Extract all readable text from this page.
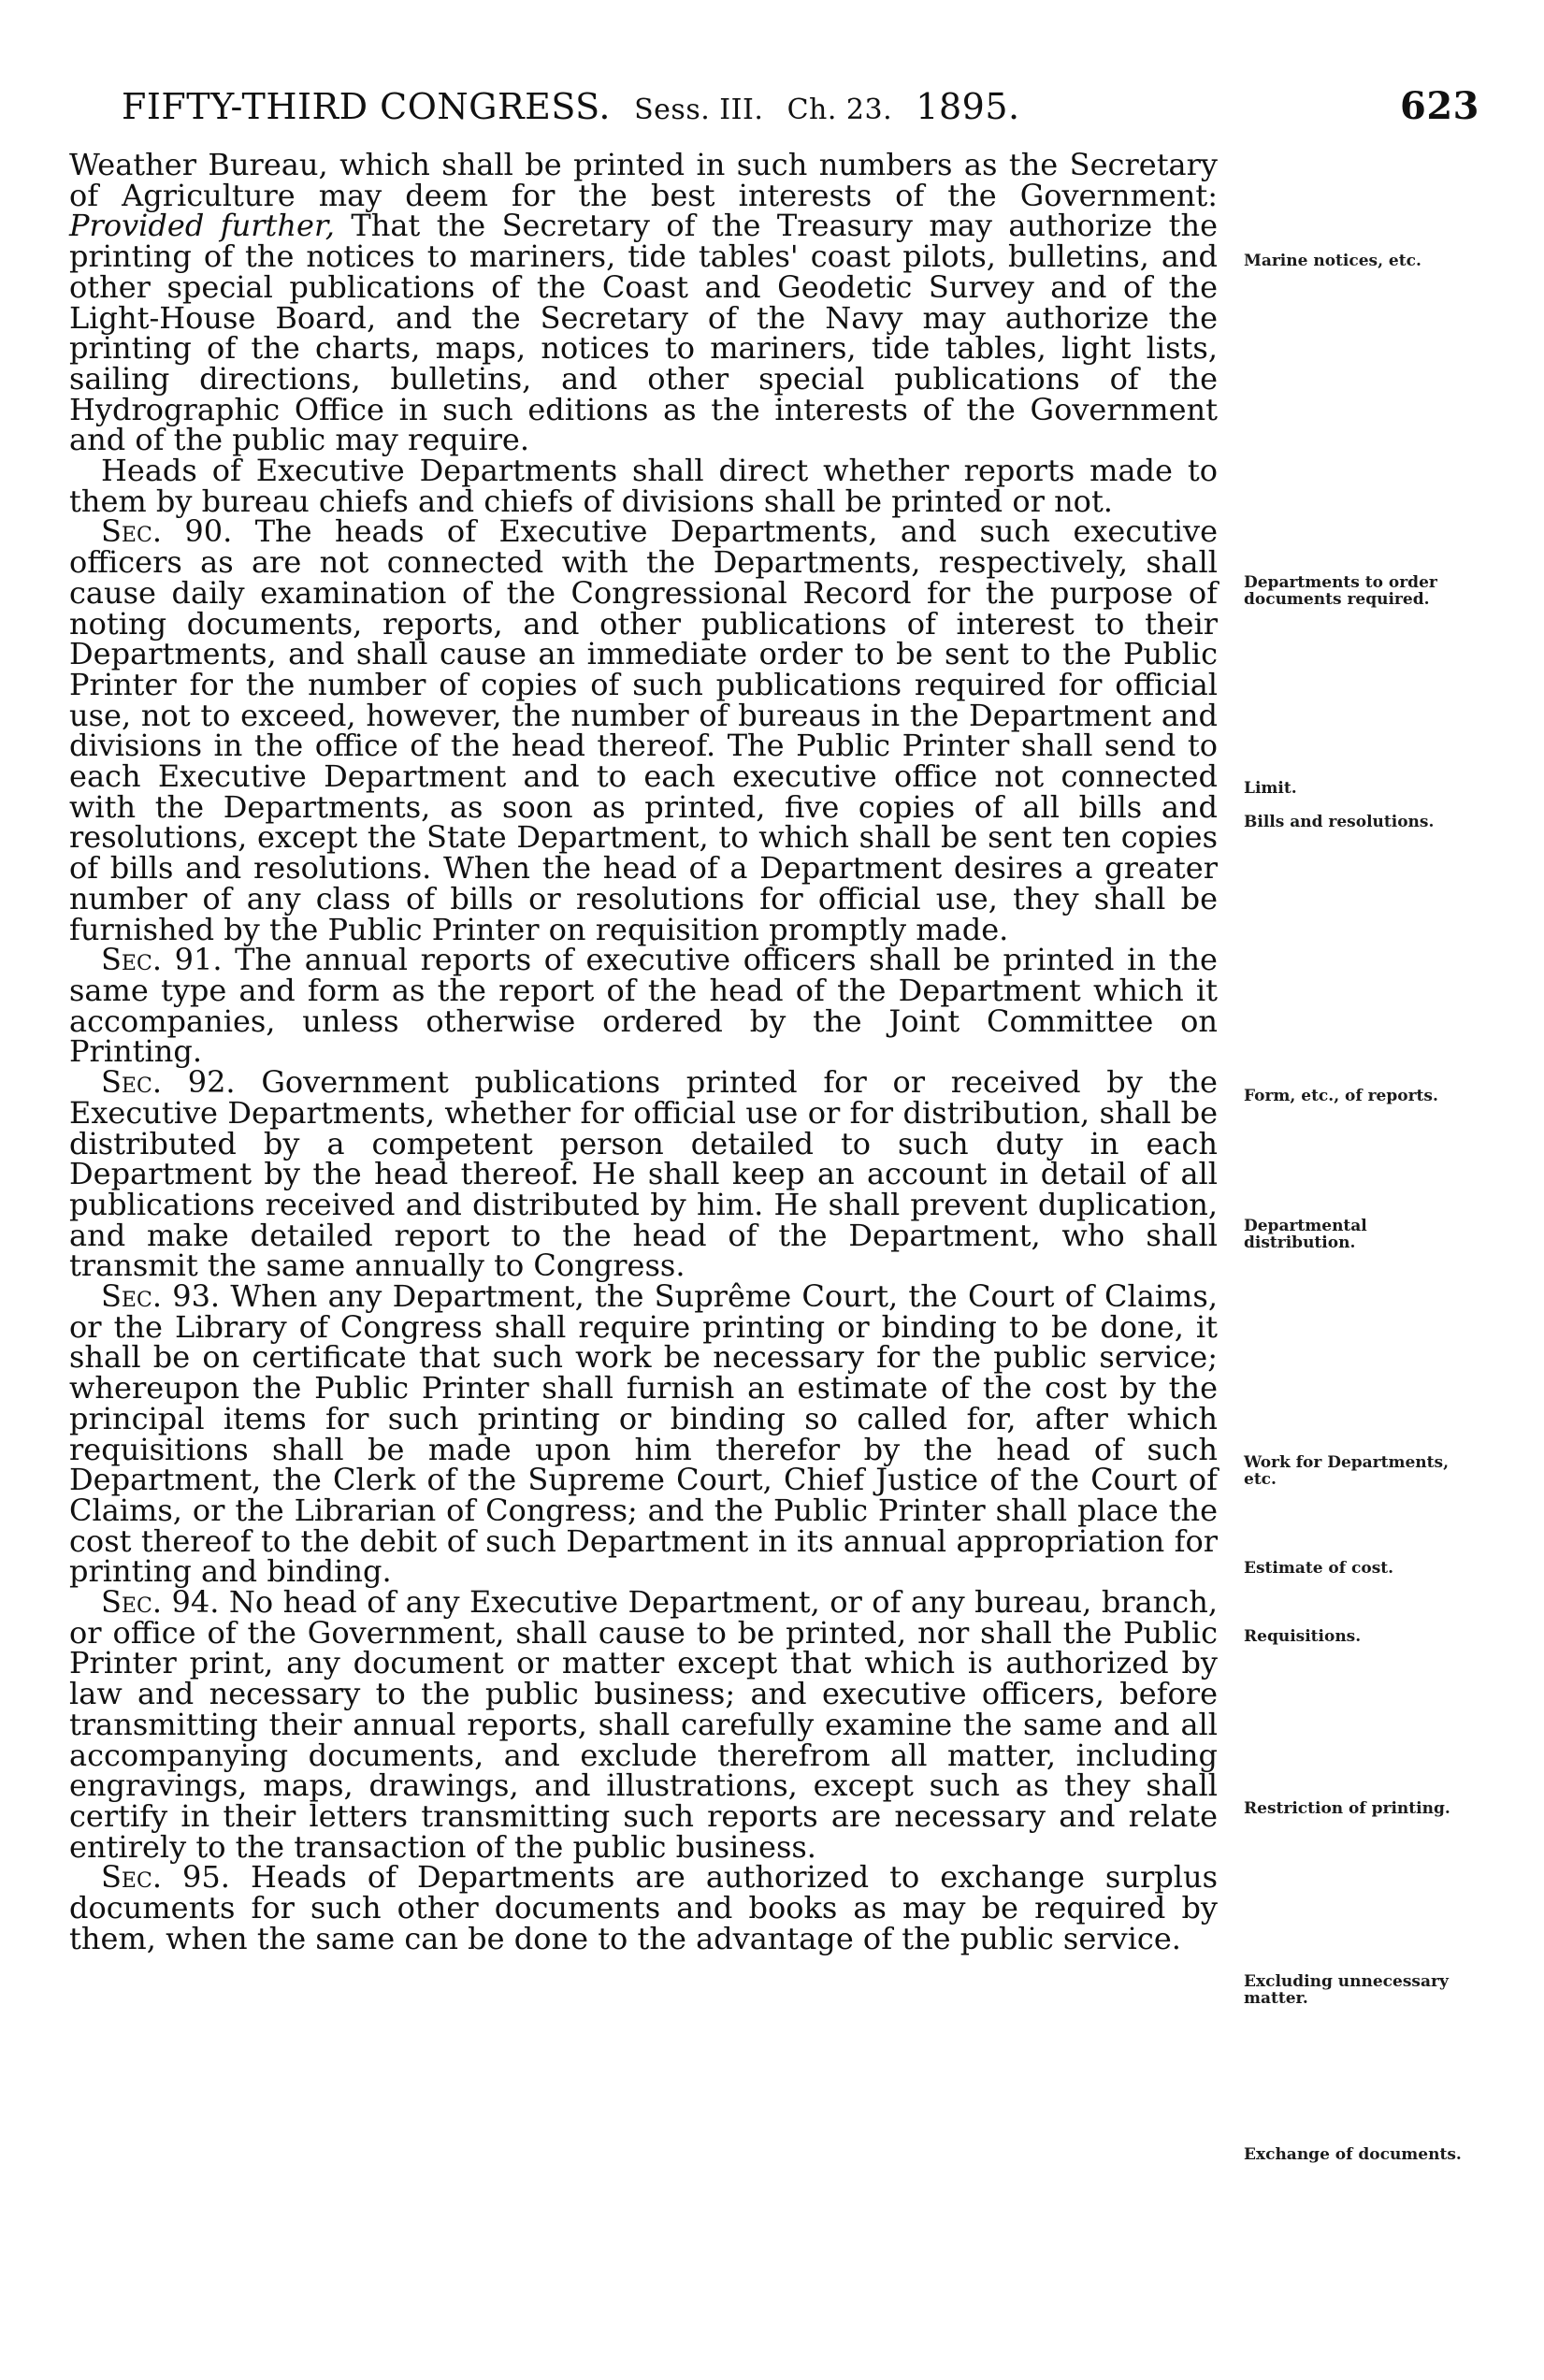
FIFTY-THIRD CONGRESS.
Sess. III.
Ch. 23.
1895.	623

Weather Bureau, which shall be printed in such numbers as the Secretary of Agriculture may deem for the best interests of the Government: Provided further, That the Secretary of the Treasury may authorize the printing of the notices to mariners, tide tables' coast pilots, bulletins, and other special publications of the Coast and Geodetic Survey and of the Light-House Board, and the Secretary of the Navy may authorize the printing of the charts, maps, notices to mariners, tide tables, light lists, sailing directions, bulletins, and other special publications of the Hydrographic Office in such editions as the interests of the Government and of the public may require.

Heads of Executive Departments shall direct whether reports made to them by bureau chiefs and chiefs of divisions shall be printed or not.

Sec. 90. The heads of Executive Departments, and such executive officers as are not connected with the Departments, respectively, shall cause daily examination of the Congressional Record for the purpose of noting documents, reports, and other publications of interest to their Departments, and shall cause an immediate order to be sent to the Public Printer for the number of copies of such publications required for official use, not to exceed, however, the number of bureaus in the Department and divisions in the office of the head thereof. The Public Printer shall send to each Executive Department and to each executive office not connected with the Departments, as soon as printed, five copies of all bills and resolutions, except the State Department, to which shall be sent ten copies of bills and resolutions. When the head of a Department desires a greater number of any class of bills or resolutions for official use, they shall be furnished by the Public Printer on requisition promptly made.

Sec. 91. The annual reports of executive officers shall be printed in the same type and form as the report of the head of the Department which it accompanies, unless otherwise ordered by the Joint Committee on Printing.

Sec. 92. Government publications printed for or received by the Executive Departments, whether for official use or for distribution, shall be distributed by a competent person detailed to such duty in each Department by the head thereof. He shall keep an account in detail of all publications received and distributed by him. He shall prevent duplication, and make detailed report to the head of the Department, who shall transmit the same annually to Congress.

Sec. 93. When any Department, the Suprême Court, the Court of Claims, or the Library of Congress shall require printing or binding to be done, it shall be on certificate that such work be necessary for the public service; whereupon the Public Printer shall furnish an estimate of the cost by the principal items for such printing or binding so called for, after which requisitions shall be made upon him therefor by the head of such Department, the Clerk of the Supreme Court, Chief Justice of the Court of Claims, or the Librarian of Congress; and the Public Printer shall place the cost thereof to the debit of such Department in its annual appropriation for printing and binding.

Sec. 94. No head of any Executive Department, or of any bureau, branch, or office of the Government, shall cause to be printed, nor shall the Public Printer print, any document or matter except that which is authorized by law and necessary to the public business; and executive officers, before transmitting their annual reports, shall carefully examine the same and all accompanying documents, and exclude therefrom all matter, including engravings, maps, drawings, and illustrations, except such as they shall certify in their letters transmitting such reports are necessary and relate entirely to the transaction of the public business.

Sec. 95. Heads of Departments are authorized to exchange surplus documents for such other documents and books as may be required by them, when the same can be done to the advantage of the public service.

Marine notices, etc.
Departments to order documents required.
Limit.
Bills and resolutions.
Form, etc., of reports.
Departmental distribution.
Work for Departments, etc.
Estimate of cost.
Requisitions.
Restriction of printing.
Excluding unnecessary matter.
Exchange of documents.
